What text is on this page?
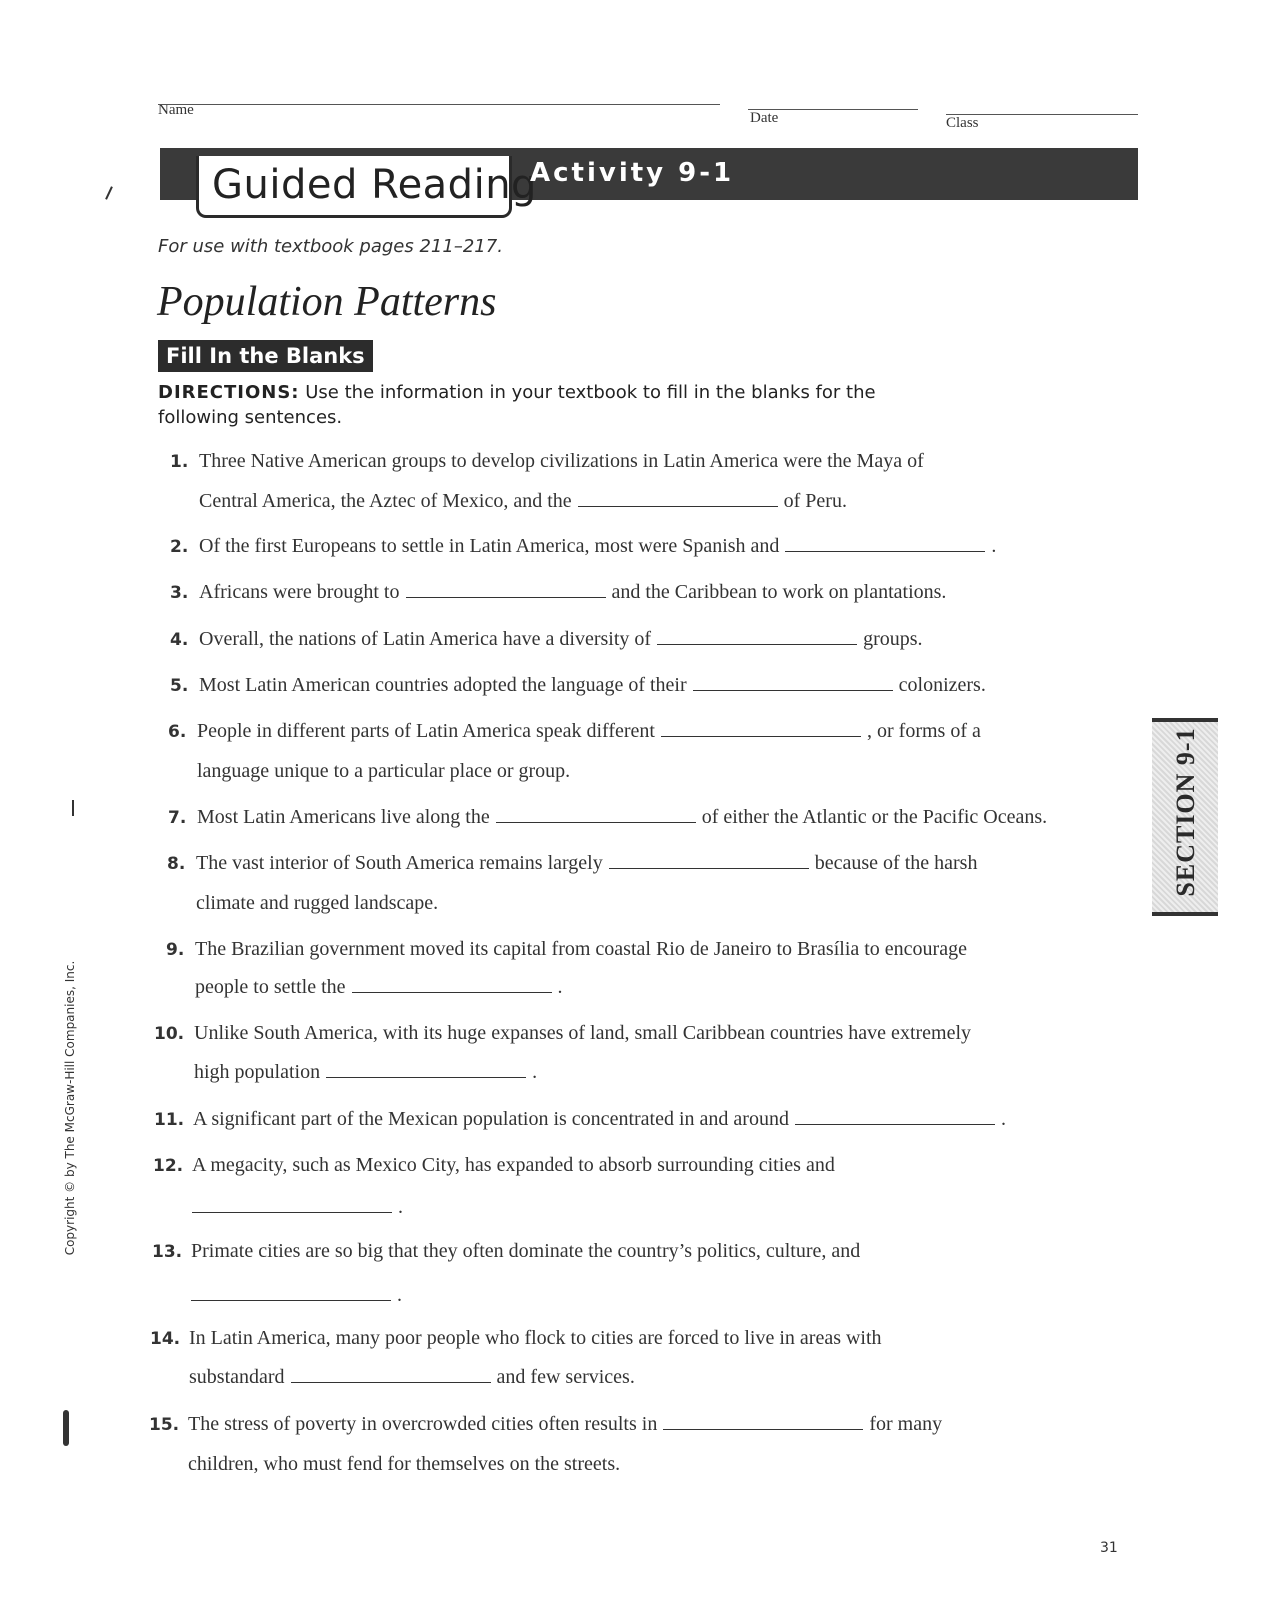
Name	Date	Class
Guided Reading
Activity 9-1
For use with textbook pages 211–217.
Population Patterns
Fill In the Blanks
DIRECTIONS: Use the information in your textbook to fill in the blanks for the following sentences.
1. Three Native American groups to develop civilizations in Latin America were the Maya of
Central America, the Aztec of Mexico, and the	of Peru.
2. Of the first Europeans to settle in Latin America, most were Spanish and	.
3. Africans were brought to	and the Caribbean to work on plantations.
4. Overall, the nations of Latin America have a diversity of	groups.
5. Most Latin American countries adopted the language of their	colonizers.
6. People in different parts of Latin America speak different	, or forms of a
language unique to a particular place or group.
7. Most Latin Americans live along the	of either the Atlantic or the Pacific Oceans.
8. The vast interior of South America remains largely	because of the harsh
climate and rugged landscape.
9. The Brazilian government moved its capital from coastal Rio de Janeiro to Brasília to encourage
people to settle the	.
10. Unlike South America, with its huge expanses of land, small Caribbean countries have extremely
high population	.
11. A significant part of the Mexican population is concentrated in and around	.
12. A megacity, such as Mexico City, has expanded to absorb surrounding cities and
.
13. Primate cities are so big that they often dominate the country’s politics, culture, and
.
14. In Latin America, many poor people who flock to cities are forced to live in areas with
substandard	and few services.
15. The stress of poverty in overcrowded cities often results in	for many
children, who must fend for themselves on the streets.
SECTION 9-1
Copyright © by The McGraw-Hill Companies, Inc.
31
